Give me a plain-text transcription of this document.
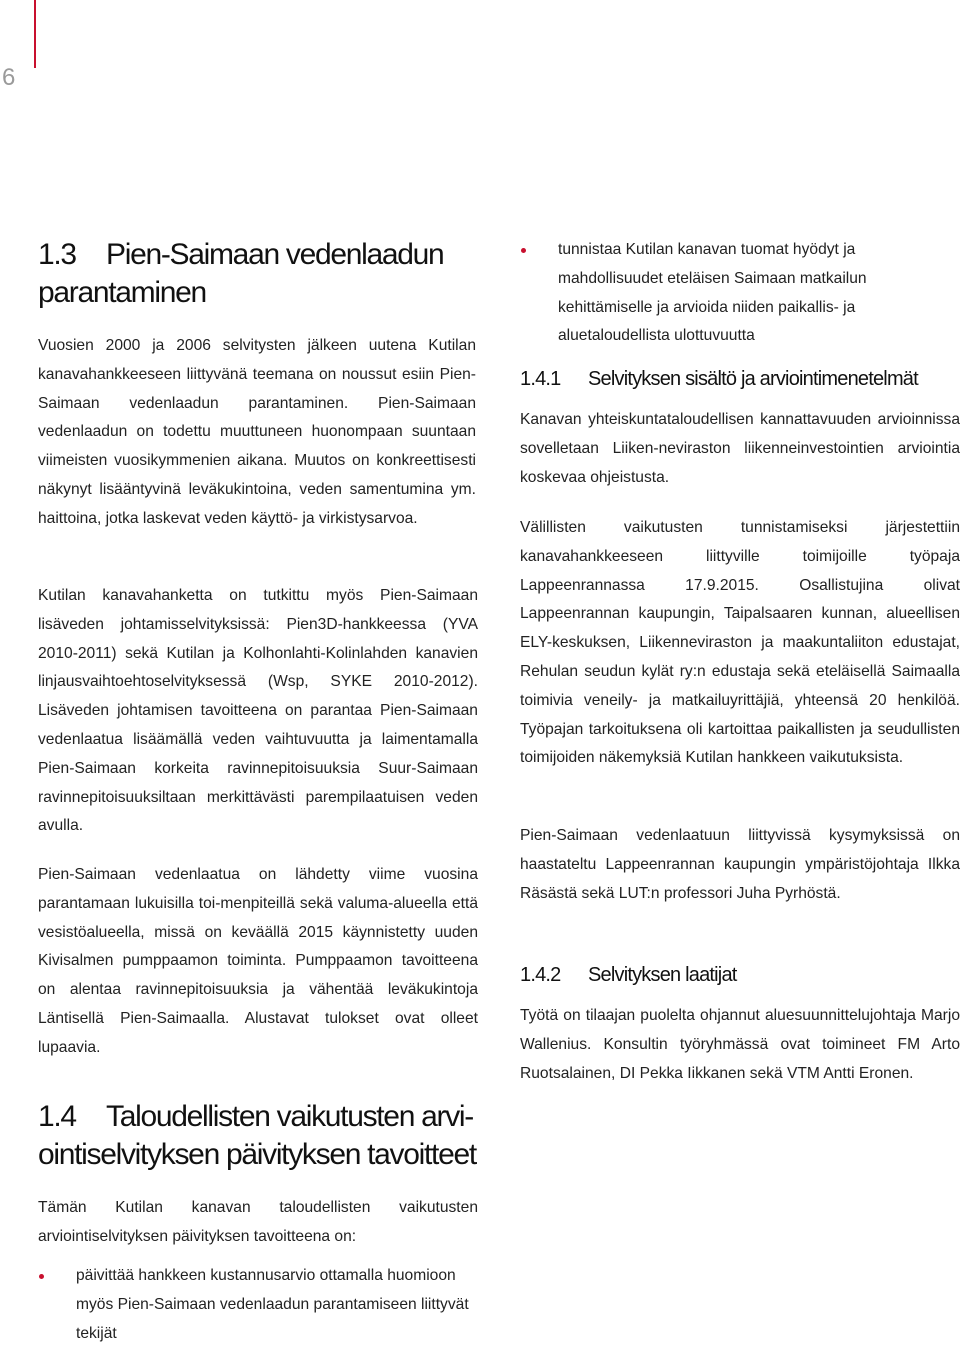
6
1.3 Pien-Saimaan vedenlaadun
parantaminen

Vuosien 2000 ja 2006 selvitysten jälkeen uutena Kutilan kanavahankkeeseen liittyvänä teemana on noussut esiin Pien-Saimaan vedenlaadun parantaminen. Pien-Saimaan vedenlaadun on todettu muuttuneen huonompaan suuntaan viimeisten vuosikymmenien aikana. Muutos on konkreettisesti näkynyt lisääntyvinä leväkukintoina, veden samentumina ym. haittoina, jotka laskevat veden käyttö- ja virkistysarvoa.

Kutilan kanavahanketta on tutkittu myös Pien-Saimaan lisäveden johtamisselvityksissä: Pien3D-hankkeessa (YVA 2010-2011) sekä Kutilan ja Kolhonlahti-Kolinlahden kanavien linjausvaihtoehtoselvityksessä (Wsp, SYKE 2010-2012). Lisäveden johtamisen tavoitteena on parantaa Pien-Saimaan vedenlaatua lisäämällä veden vaihtuvuutta ja laimentamalla Pien-Saimaan korkeita ravinnepitoisuuksia Suur-Saimaan ravinnepitoisuuksiltaan merkittävästi parempilaatuisen veden avulla.

Pien-Saimaan vedenlaatua on lähdetty viime vuosina parantamaan lukuisilla toi-menpiteillä sekä valuma-alueella että vesistöalueella, missä on keväällä 2015 käynnistetty uuden Kivisalmen pumppaamon toiminta. Pumppaamon tavoitteena on alentaa ravinnepitoisuuksia ja vähentää leväkukintoja Läntisellä Pien-Saimaalla. Alustavat tulokset ovat olleet lupaavia.

1.4 Taloudellisten vaikutusten arvi-
ointiselvityksen päivityksen tavoitteet

Tämän Kutilan kanavan taloudellisten vaikutusten arviointiselvityksen päivityksen tavoitteena on:

päivittää hankkeen kustannusarvio ottamalla huomioon myös Pien-Saimaan vedenlaadun parantamiseen liittyvät tekijät
tunnistaa Kutilan kanavan tuomat hyödyt ja mahdollisuudet eteläisen Saimaan matkailun kehittämiselle ja arvioida niiden paikallis- ja aluetaloudellista ulottuvuutta
1.4.1 Selvityksen sisältö ja arviointimenetelmät

Kanavan yhteiskuntataloudellisen kannattavuuden arvioinnissa sovelletaan Liiken-neviraston liikenneinvestointien arviointia koskevaa ohjeistusta.

Välillisten vaikutusten tunnistamiseksi järjestettiin kanavahankkeeseen liittyville toimijoille työpaja Lappeenrannassa 17.9.2015. Osallistujina olivat Lappeenrannan kaupungin, Taipalsaaren kunnan, alueellisen ELY-keskuksen, Liikenneviraston ja maakuntaliiton edustajat, Rehulan seudun kylät ry:n edustaja sekä eteläisellä Saimaalla toimivia veneily- ja matkailuyrittäjiä, yhteensä 20 henkilöä. Työpajan tarkoituksena oli kartoittaa paikallisten ja seudullisten toimijoiden näkemyksiä Kutilan hankkeen vaikutuksista.

Pien-Saimaan vedenlaatuun liittyvissä kysymyksissä on haastateltu Lappeenrannan kaupungin ympäristöjohtaja Ilkka Räsästä sekä LUT:n professori Juha Pyrhöstä.

1.4.2 Selvityksen laatijat

Työtä on tilaajan puolelta ohjannut aluesuunnittelujohtaja Marjo Wallenius. Konsultin työryhmässä ovat toimineet FM Arto Ruotsalainen, DI Pekka Iikkanen sekä VTM Antti Eronen.
